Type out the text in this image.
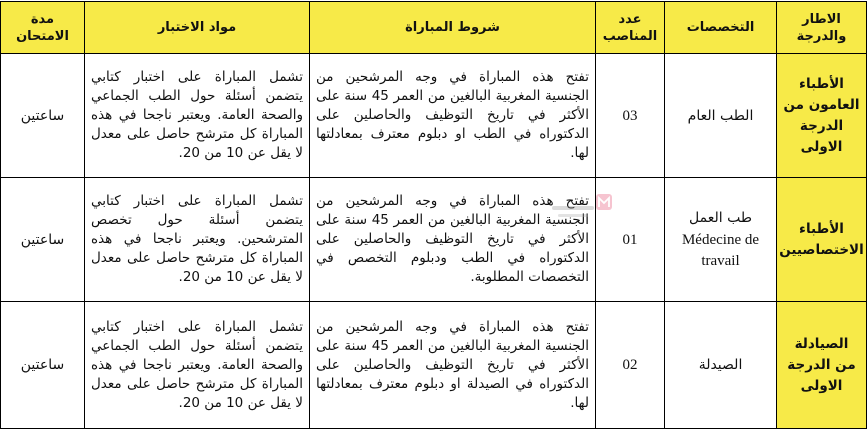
الاطار والدرجة
التخصصات
عدد المناصب
شروط المباراة
مواد الاختبار
مدة الامتحان
الأطباء العامون من الدرجة الاولى
الطب العام
03
تفتح هذه المباراة في وجه المرشحين من الجنسية المغربية البالغين من العمر 45 سنة على الأكثر في تاريخ التوظيف والحاصلين على الدكتوراه في الطب او دبلوم معترف بمعادلتها لها.
تشمل المباراة على اختبار كتابي يتضمن أسئلة حول الطب الجماعي والصحة العامة. ويعتبر ناجحا في هذه المباراة كل مترشح حاصل على معدل لا يقل عن 10 من 20.
ساعتين
الأطباء الاختصاصيين
طب العمل
Médecine de travail
01
تفتح هذه المباراة في وجه المرشحين من الجنسية المغربية البالغين من العمر 45 سنة على الأكثر في تاريخ التوظيف والحاصلين على الدكتوراه في الطب ودبلوم التخصص في التخصصات المطلوبة.
تشمل المباراة على اختبار كتابي يتضمن أسئلة حول تخصص المترشحين. ويعتبر ناجحا في هذه المباراة كل مترشح حاصل على معدل لا يقل عن 10 من 20.
ساعتين
الصيادلة من الدرجة الاولى
الصيدلة
02
تفتح هذه المباراة في وجه المرشحين من الجنسية المغربية البالغين من العمر 45 سنة على الأكثر في تاريخ التوظيف والحاصلين على الدكتوراه في الصيدلة او دبلوم معترف بمعادلتها لها.
تشمل المباراة على اختبار كتابي يتضمن أسئلة حول الطب الجماعي والصحة العامة. ويعتبر ناجحا في هذه المباراة كل مترشح حاصل على معدل لا يقل عن 10 من 20.
ساعتين
